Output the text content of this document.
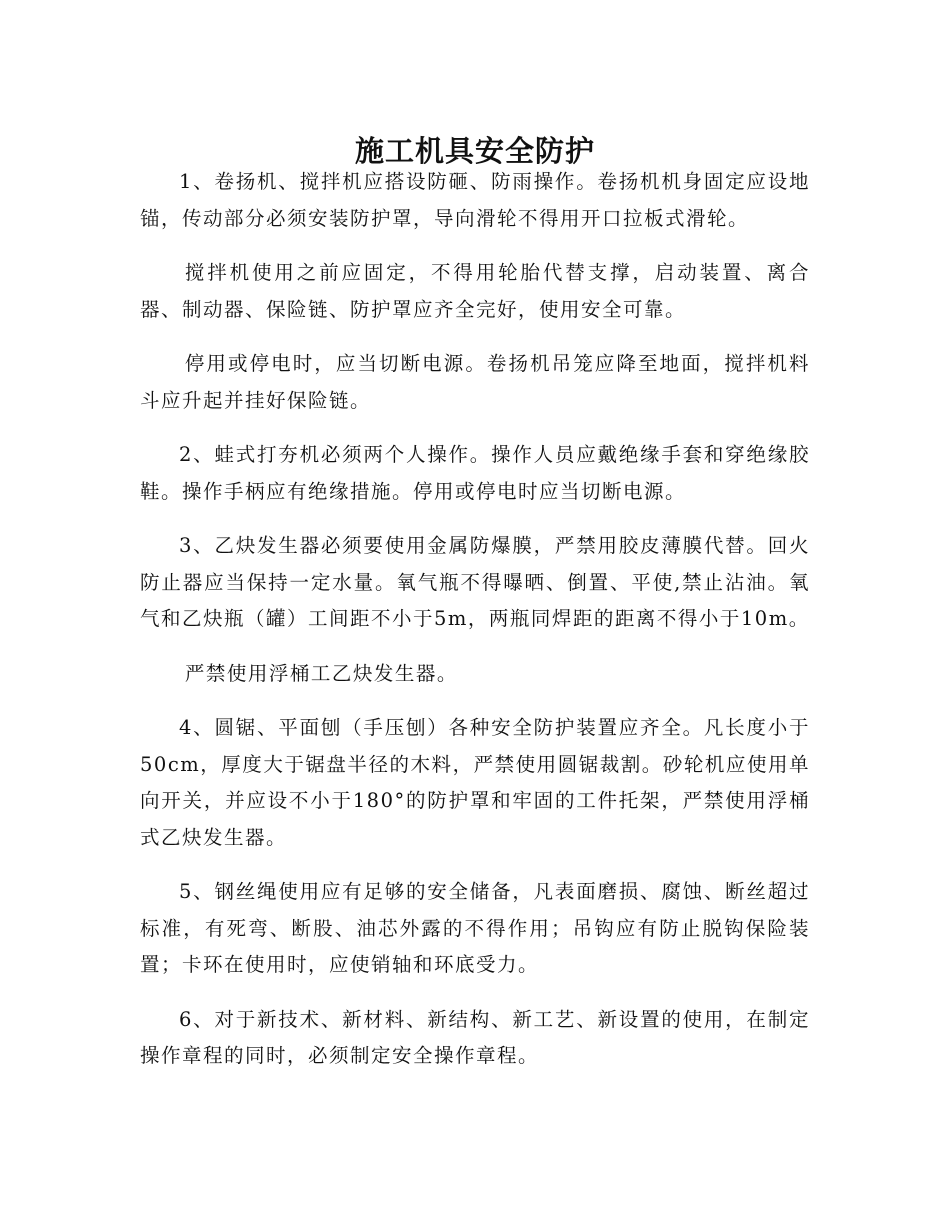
施工机具安全防护

1、卷扬机、搅拌机应搭设防砸、防雨操作。卷扬机机身固定应设地锚，传动部分必须安装防护罩，导向滑轮不得用开口拉板式滑轮。

搅拌机使用之前应固定，不得用轮胎代替支撑，启动装置、离合器、制动器、保险链、防护罩应齐全完好，使用安全可靠。

停用或停电时，应当切断电源。卷扬机吊笼应降至地面，搅拌机料斗应升起并挂好保险链。

2、蛙式打夯机必须两个人操作。操作人员应戴绝缘手套和穿绝缘胶鞋。操作手柄应有绝缘措施。停用或停电时应当切断电源。

3、乙炔发生器必须要使用金属防爆膜，严禁用胶皮薄膜代替。回火防止器应当保持一定水量。氧气瓶不得曝晒、倒置、平使,禁止沾油。氧气和乙炔瓶（罐）工间距不小于5m，两瓶同焊距的距离不得小于10m。

严禁使用浮桶工乙炔发生器。

4、圆锯、平面刨（手压刨）各种安全防护装置应齐全。凡长度小于50cm，厚度大于锯盘半径的木料，严禁使用圆锯裁割。砂轮机应使用单向开关，并应设不小于180°的防护罩和牢固的工件托架，严禁使用浮桶式乙炔发生器。

5、钢丝绳使用应有足够的安全储备，凡表面磨损、腐蚀、断丝超过标准，有死弯、断股、油芯外露的不得作用；吊钩应有防止脱钩保险装置；卡环在使用时，应使销轴和环底受力。

6、对于新技术、新材料、新结构、新工艺、新设置的使用，在制定操作章程的同时，必须制定安全操作章程。
